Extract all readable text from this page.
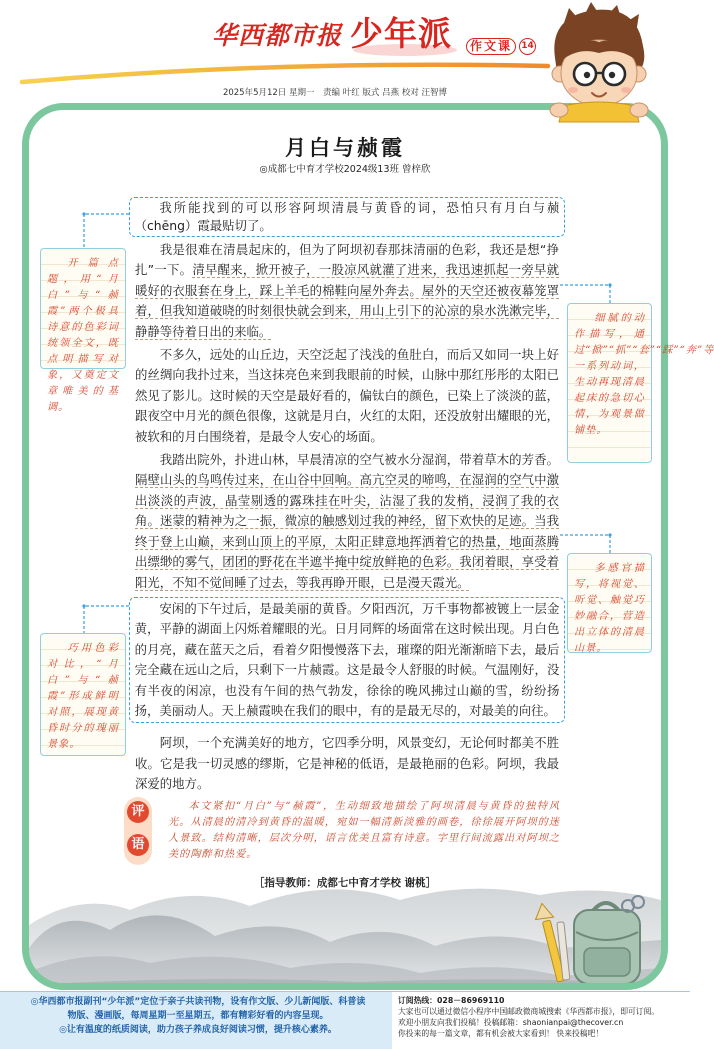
华西都市报 少年派	作文课	14
2025年5月12日 星期一　责编 叶红 版式 吕燕 校对 汪智博
月白与赪霞
◎成都七中育才学校2024级13班 曾梓欣

我所能找到的可以形容阿坝清晨与黄昏的词，恐怕只有月白与赪（chēng）霞最贴切了。

我是很难在清晨起床的，但为了阿坝初春那抹清丽的色彩，我还是想“挣扎”一下。清早醒来，掀开被子，一股凉风就灌了进来，我迅速抓起一旁早就暖好的衣服套在身上，踩上羊毛的棉鞋向屋外奔去。屋外的天空还被夜幕笼罩着，但我知道破晓的时刻很快就会到来，用山上引下的沁凉的泉水洗漱完毕，静静等待着日出的来临。

不多久，远处的山丘边，天空泛起了浅浅的鱼肚白，而后又如同一块上好的丝绸向我扑过来，当这抹亮色来到我眼前的时候，山脉中那红彤彤的太阳已然见了影儿。这时候的天空是最好看的，偏钛白的颜色，已染上了淡淡的蓝，跟夜空中月光的颜色很像，这就是月白，火红的太阳，还没放射出耀眼的光，被软和的月白围绕着，是最令人安心的场面。

我踏出院外，扑进山林，早晨清凉的空气被水分湿润，带着草木的芳香。隔壁山头的鸟鸣传过来，在山谷中回响。高亢空灵的啼鸣，在湿润的空气中激出淡淡的声波，晶莹剔透的露珠挂在叶尖，沾湿了我的发梢，浸润了我的衣角。迷蒙的精神为之一振，微凉的触感划过我的神经，留下欢快的足迹。当我终于登上山巅，来到山顶上的平原，太阳正肆意地挥洒着它的热量，地面蒸腾出缥缈的雾气，团团的野花在半遮半掩中绽放鲜艳的色彩。我闭着眼，享受着阳光，不知不觉间睡了过去，等我再睁开眼，已是漫天霞光。

安闲的下午过后，是最美丽的黄昏。夕阳西沉，万千事物都被镀上一层金黄，平静的湖面上闪烁着耀眼的光。日月同辉的场面常在这时候出现。月白色的月亮，藏在蓝天之后，看着夕阳慢慢落下去，璀璨的阳光渐渐暗下去，最后完全藏在远山之后，只剩下一片赪霞。这是最令人舒服的时候。气温刚好，没有半夜的闲凉，也没有午间的热气勃发，徐徐的晚风拂过山巅的雪，纷纷扬扬，美丽动人。天上赪霞映在我们的眼中，有的是最无尽的，对最美的向往。

阿坝，一个充满美好的地方，它四季分明，风景变幻，无论何时都美不胜收。它是我一切灵感的缪斯，它是神秘的低语，是最艳丽的色彩。阿坝，我最深爱的地方。

开篇点题，用“月白”与“赪霞”两个极具诗意的色彩词统领全文，既点明描写对象，又奠定文章唯美的基调。

细腻的动作描写，通过“掀”“抓”“套”“踩”“奔”等一系列动词，生动再现清晨起床的急切心情，为观景做铺垫。

多感官描写，将视觉、听觉、触觉巧妙融合，营造出立体的清晨山景。

巧用色彩对比，“月白”与“赪霞”形成鲜明对照，展现黄昏时分的瑰丽景象。

评
语

本文紧扣“月白”与“赪霞”，生动细致地描绘了阿坝清晨与黄昏的独特风光。从清晨的清冷到黄昏的温暖，宛如一幅清新淡雅的画卷，徐徐展开阿坝的迷人景致。结构清晰，层次分明，语言优美且富有诗意。字里行间流露出对阿坝之美的陶醉和热爱。

［指导教师：成都七中育才学校 谢桃］

◎华西都市报副刊“少年派”定位于亲子共读刊物，设有作文版、少儿新闻版、科普读物版、漫画版，每周星期一至星期五，都有精彩好看的内容呈现。

◎让有温度的纸质阅读，助力孩子养成良好阅读习惯，提升核心素养。

订阅热线：028－86969110

大家也可以通过微信小程序中国邮政微商城搜索《华西都市报》，即可订阅。

欢迎小朋友向我们投稿！投稿邮箱：shaonianpai@thecover.cn

你投来的每一篇文章，都有机会被大家看到！ 快来投稿吧！
